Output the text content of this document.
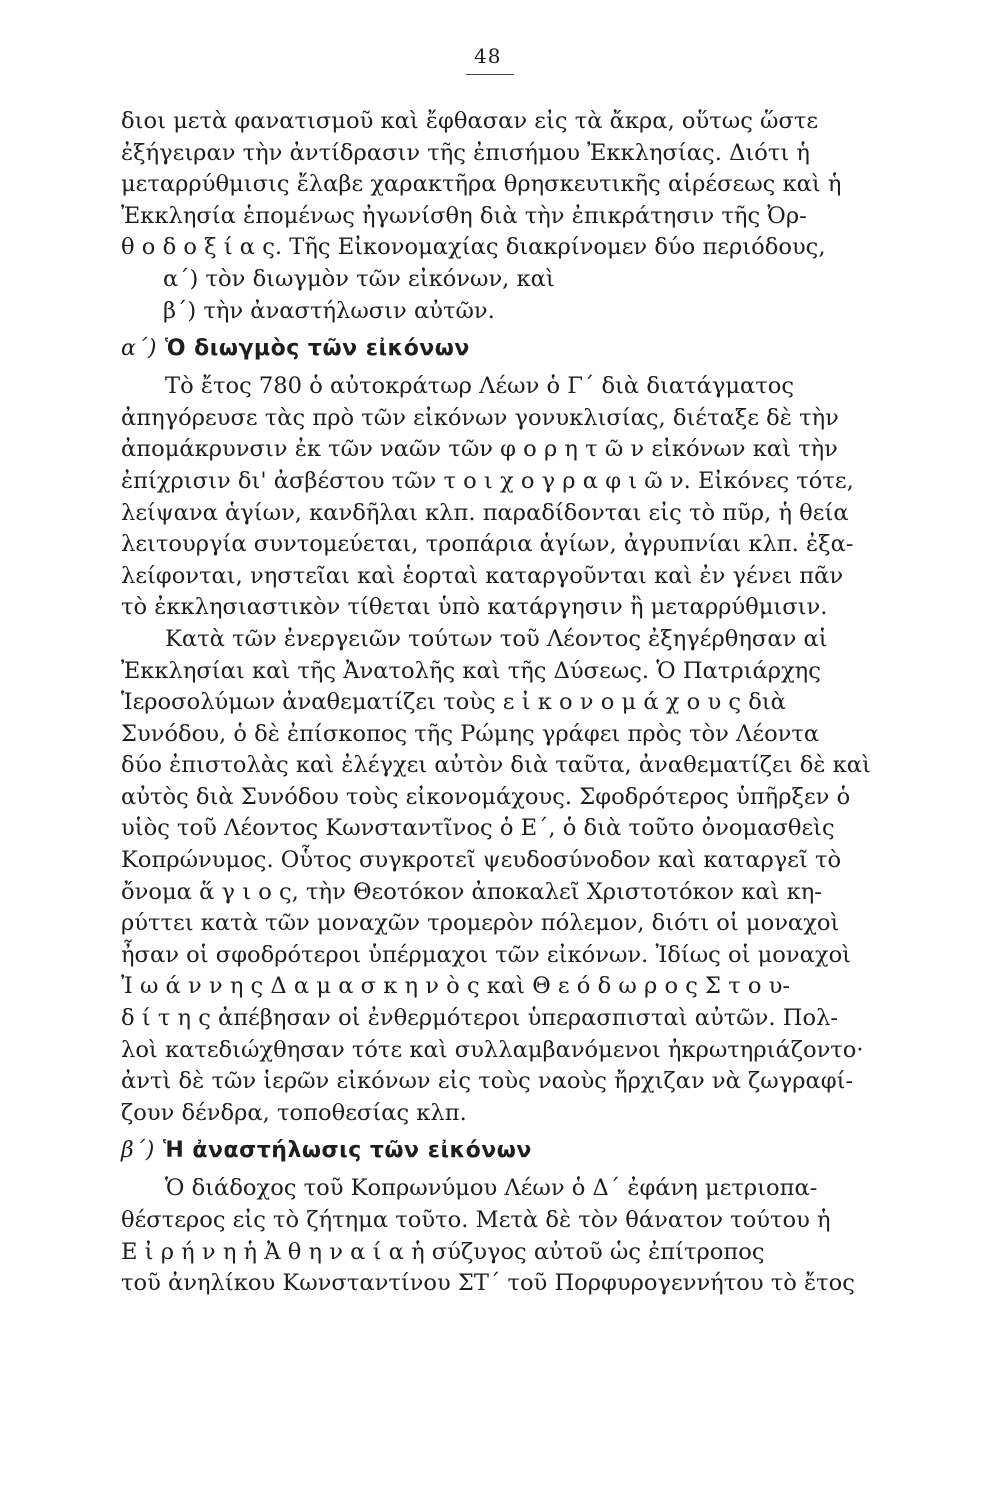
48
διοι μετὰ φανατισμοῦ καὶ ἔφθασαν εἰς τὰ ἄκρα, οὕτως ὥστε
ἐξήγειραν τὴν ἀντίδρασιν τῆς ἐπισήμου Ἐκκλησίας. Διότι ἡ
μεταρρύθμισις ἔλαβε χαρακτῆρα θρησκευτικῆς αἱρέσεως καὶ ἡ
Ἐκκλησία ἑπομένως ἠγωνίσθη διὰ τὴν ἐπικράτησιν τῆς Ὀρ-
θ ο δ ο ξ ί α ς. Τῆς Εἰκονομαχίας διακρίνομεν δύο περιόδους,
α΄) τὸν διωγμὸν τῶν εἰκόνων, καὶ
β΄) τὴν ἀναστήλωσιν αὐτῶν.
α΄) Ὁ διωγμὸς τῶν εἰκόνων
Τὸ ἔτος 780 ὁ αὐτοκράτωρ Λέων ὁ Γ΄ διὰ διατάγματος
ἀπηγόρευσε τὰς πρὸ τῶν εἰκόνων γονυκλισίας, διέταξε δὲ τὴν
ἀπομάκρυνσιν ἐκ τῶν ναῶν τῶν φ ο ρ η τ ῶ ν εἰκόνων καὶ τὴν
ἐπίχρισιν δι' ἀσβέστου τῶν τ ο ι χ ο γ ρ α φ ι ῶ ν. Εἰκόνες τότε,
λείψανα ἁγίων, κανδῆλαι κλπ. παραδίδονται εἰς τὸ πῦρ, ἡ θεία
λειτουργία συντομεύεται, τροπάρια ἁγίων, ἀγρυπνίαι κλπ. ἐξα-
λείφονται, νηστεῖαι καὶ ἑορταὶ καταργοῦνται καὶ ἐν γένει πᾶν
τὸ ἐκκλησιαστικὸν τίθεται ὑπὸ κατάργησιν ἢ μεταρρύθμισιν.
Κατὰ τῶν ἐνεργειῶν τούτων τοῦ Λέοντος ἐξηγέρθησαν αἱ
Ἐκκλησίαι καὶ τῆς Ἀνατολῆς καὶ τῆς Δύσεως. Ὁ Πατριάρχης
Ἱεροσολύμων ἀναθεματίζει τοὺς ε ἰ κ ο ν ο μ ά χ ο υ ς διὰ
Συνόδου, ὁ δὲ ἐπίσκοπος τῆς Ρώμης γράφει πρὸς τὸν Λέοντα
δύο ἐπιστολὰς καὶ ἐλέγχει αὐτὸν διὰ ταῦτα, ἀναθεματίζει δὲ καὶ
αὐτὸς διὰ Συνόδου τοὺς εἰκονομάχους. Σφοδρότερος ὑπῆρξεν ὁ
υἱὸς τοῦ Λέοντος Κωνσταντῖνος ὁ Ε΄, ὁ διὰ τοῦτο ὀνομασθεὶς
Κοπρώνυμος. Οὗτος συγκροτεῖ ψευδοσύνοδον καὶ καταργεῖ τὸ
ὄνομα ἅ γ ι ο ς, τὴν Θεοτόκον ἀποκαλεῖ Χριστοτόκον καὶ κη-
ρύττει κατὰ τῶν μοναχῶν τρομερὸν πόλεμον, διότι οἱ μοναχοὶ
ἦσαν οἱ σφοδρότεροι ὑπέρμαχοι τῶν εἰκόνων. Ἰδίως οἱ μοναχοὶ
Ἰ ω ά ν ν η ς Δ α μ α σ κ η ν ὸ ς καὶ Θ ε ό δ ω ρ ο ς Σ τ ο υ-
δ ί τ η ς ἀπέβησαν οἱ ἐνθερμότεροι ὑπερασπισταὶ αὐτῶν. Πολ-
λοὶ κατεδιώχθησαν τότε καὶ συλλαμβανόμενοι ἠκρωτηριάζοντο·
ἀντὶ δὲ τῶν ἱερῶν εἰκόνων εἰς τοὺς ναοὺς ἤρχιζαν νὰ ζωγραφί-
ζουν δένδρα, τοποθεσίας κλπ.
β΄) Ἡ ἀναστήλωσις τῶν εἰκόνων
Ὁ διάδοχος τοῦ Κοπρωνύμου Λέων ὁ Δ΄ ἐφάνη μετριοπα-
θέστερος εἰς τὸ ζήτημα τοῦτο. Μετὰ δὲ τὸν θάνατον τούτου ἡ
Ε ἰ ρ ή ν η ἡ Ἀ θ η ν α ί α ἡ σύζυγος αὐτοῦ ὡς ἐπίτροπος
τοῦ ἀνηλίκου Κωνσταντίνου ΣΤ΄ τοῦ Πορφυρογεννήτου τὸ ἔτος
